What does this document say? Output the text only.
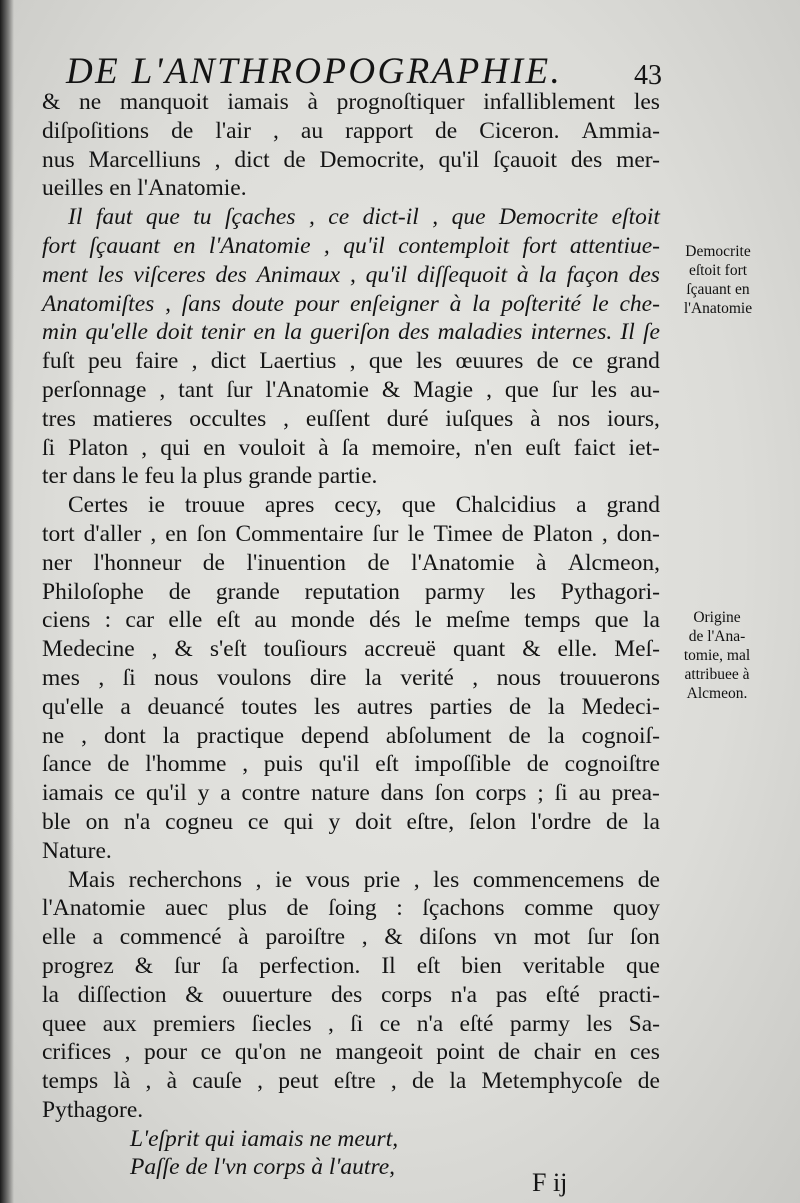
DE L'ANTHROPOGRAPHIE.	43
& ne manquoit iamais à prognoſtiquer infalliblement les
diſpoſitions de l'air , au rapport de Ciceron. Ammia-
nus Marcelliuns , dict de Democrite, qu'il ſçauoit des mer-
ueilles en l'Anatomie.
Il faut que tu ſçaches , ce dict-il , que Democrite eſtoit
fort ſçauant en l'Anatomie , qu'il contemploit fort attentiue-
ment les viſceres des Animaux , qu'il diſſequoit à la façon des
Anatomiſtes , ſans doute pour enſeigner à la poſterité le che-
min qu'elle doit tenir en la gueriſon des maladies internes. Il ſe
fuſt peu faire , dict Laertius , que les œuures de ce grand
perſonnage , tant ſur l'Anatomie & Magie , que ſur les au-
tres matieres occultes , euſſent duré iuſques à nos iours,
ſi Platon , qui en vouloit à ſa memoire, n'en euſt faict iet-
ter dans le feu la plus grande partie.
Certes ie trouue apres cecy, que Chalcidius a grand
tort d'aller , en ſon Commentaire ſur le Timee de Platon , don-
ner l'honneur de l'inuention de l'Anatomie à Alcmeon,
Philoſophe de grande reputation parmy les Pythagori-
ciens : car elle eſt au monde dés le meſme temps que la
Medecine , & s'eſt touſiours accreuë quant & elle. Meſ-
mes , ſi nous voulons dire la verité , nous trouuerons
qu'elle a deuancé toutes les autres parties de la Medeci-
ne , dont la practique depend abſolument de la cognoiſ-
ſance de l'homme , puis qu'il eſt impoſſible de cognoiſtre
iamais ce qu'il y a contre nature dans ſon corps ; ſi au prea-
ble on n'a cogneu ce qui y doit eſtre, ſelon l'ordre de la
Nature.
Mais recherchons , ie vous prie , les commencemens de
l'Anatomie auec plus de ſoing : ſçachons comme quoy
elle a commencé à paroiſtre , & diſons vn mot ſur ſon
progrez & ſur ſa perfection. Il eſt bien veritable que
la diſſection & ouuerture des corps n'a pas eſté practi-
quee aux premiers ſiecles , ſi ce n'a eſté parmy les Sa-
crifices , pour ce qu'on ne mangeoit point de chair en ces
temps là , à cauſe , peut eſtre , de la Metemphycoſe de
Pythagore.
L'eſprit qui iamais ne meurt,
Paſſe de l'vn corps à l'autre,
Democrite
eſtoit fort
ſçauant en
l'Anatomie
Origine
de l'Ana-
tomie, mal
attribuee à
Alcmeon.
F ij
